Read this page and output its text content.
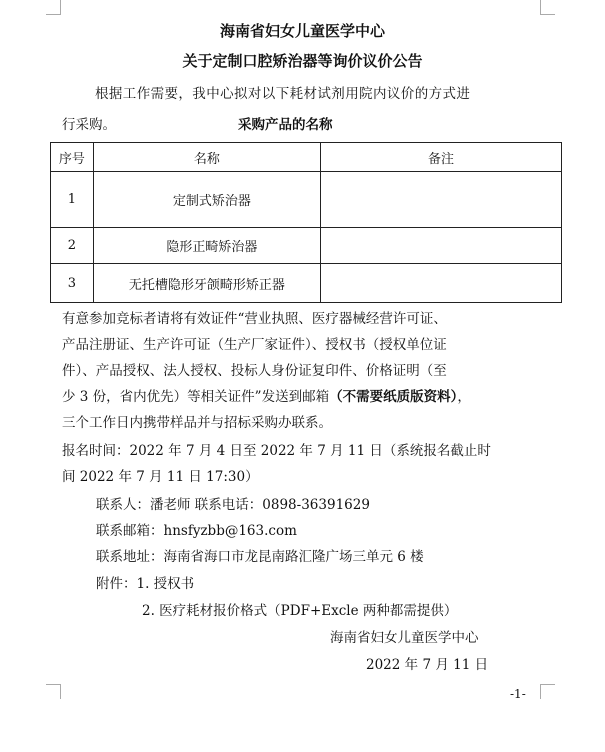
海南省妇女儿童医学中心
关于定制口腔矫治器等询价议价公告
根据工作需要，我中心拟对以下耗材试剂用院内议价的方式进
行采购。	采购产品的名称
序号	名称	备注
1	定制式矫治器	
2	隐形正畸矫治器	
3	无托槽隐形牙颌畸形矫正器	
有意参加竞标者请将有效证件“营业执照、医疗器械经营许可证、
产品注册证、生产许可证（生产厂家证件）、授权书（授权单位证
件）、产品授权、法人授权、投标人身份证复印件、价格证明（至
少 3 份，省内优先）等相关证件”发送到邮箱（不需要纸质版资料），
三个工作日内携带样品并与招标采购办联系。
报名时间：2022 年 7 月 4 日至 2022 年 7 月 11 日（系统报名截止时
间 2022 年 7 月 11 日 17:30）
联系人：潘老师 联系电话：0898-36391629
联系邮箱：hnsfyzbb@163.com
联系地址：海南省海口市龙昆南路汇隆广场三单元 6 楼
附件：1. 授权书
2. 医疗耗材报价格式（PDF+Excle 两种都需提供）
海南省妇女儿童医学中心
2022 年 7 月 11 日
-1-
